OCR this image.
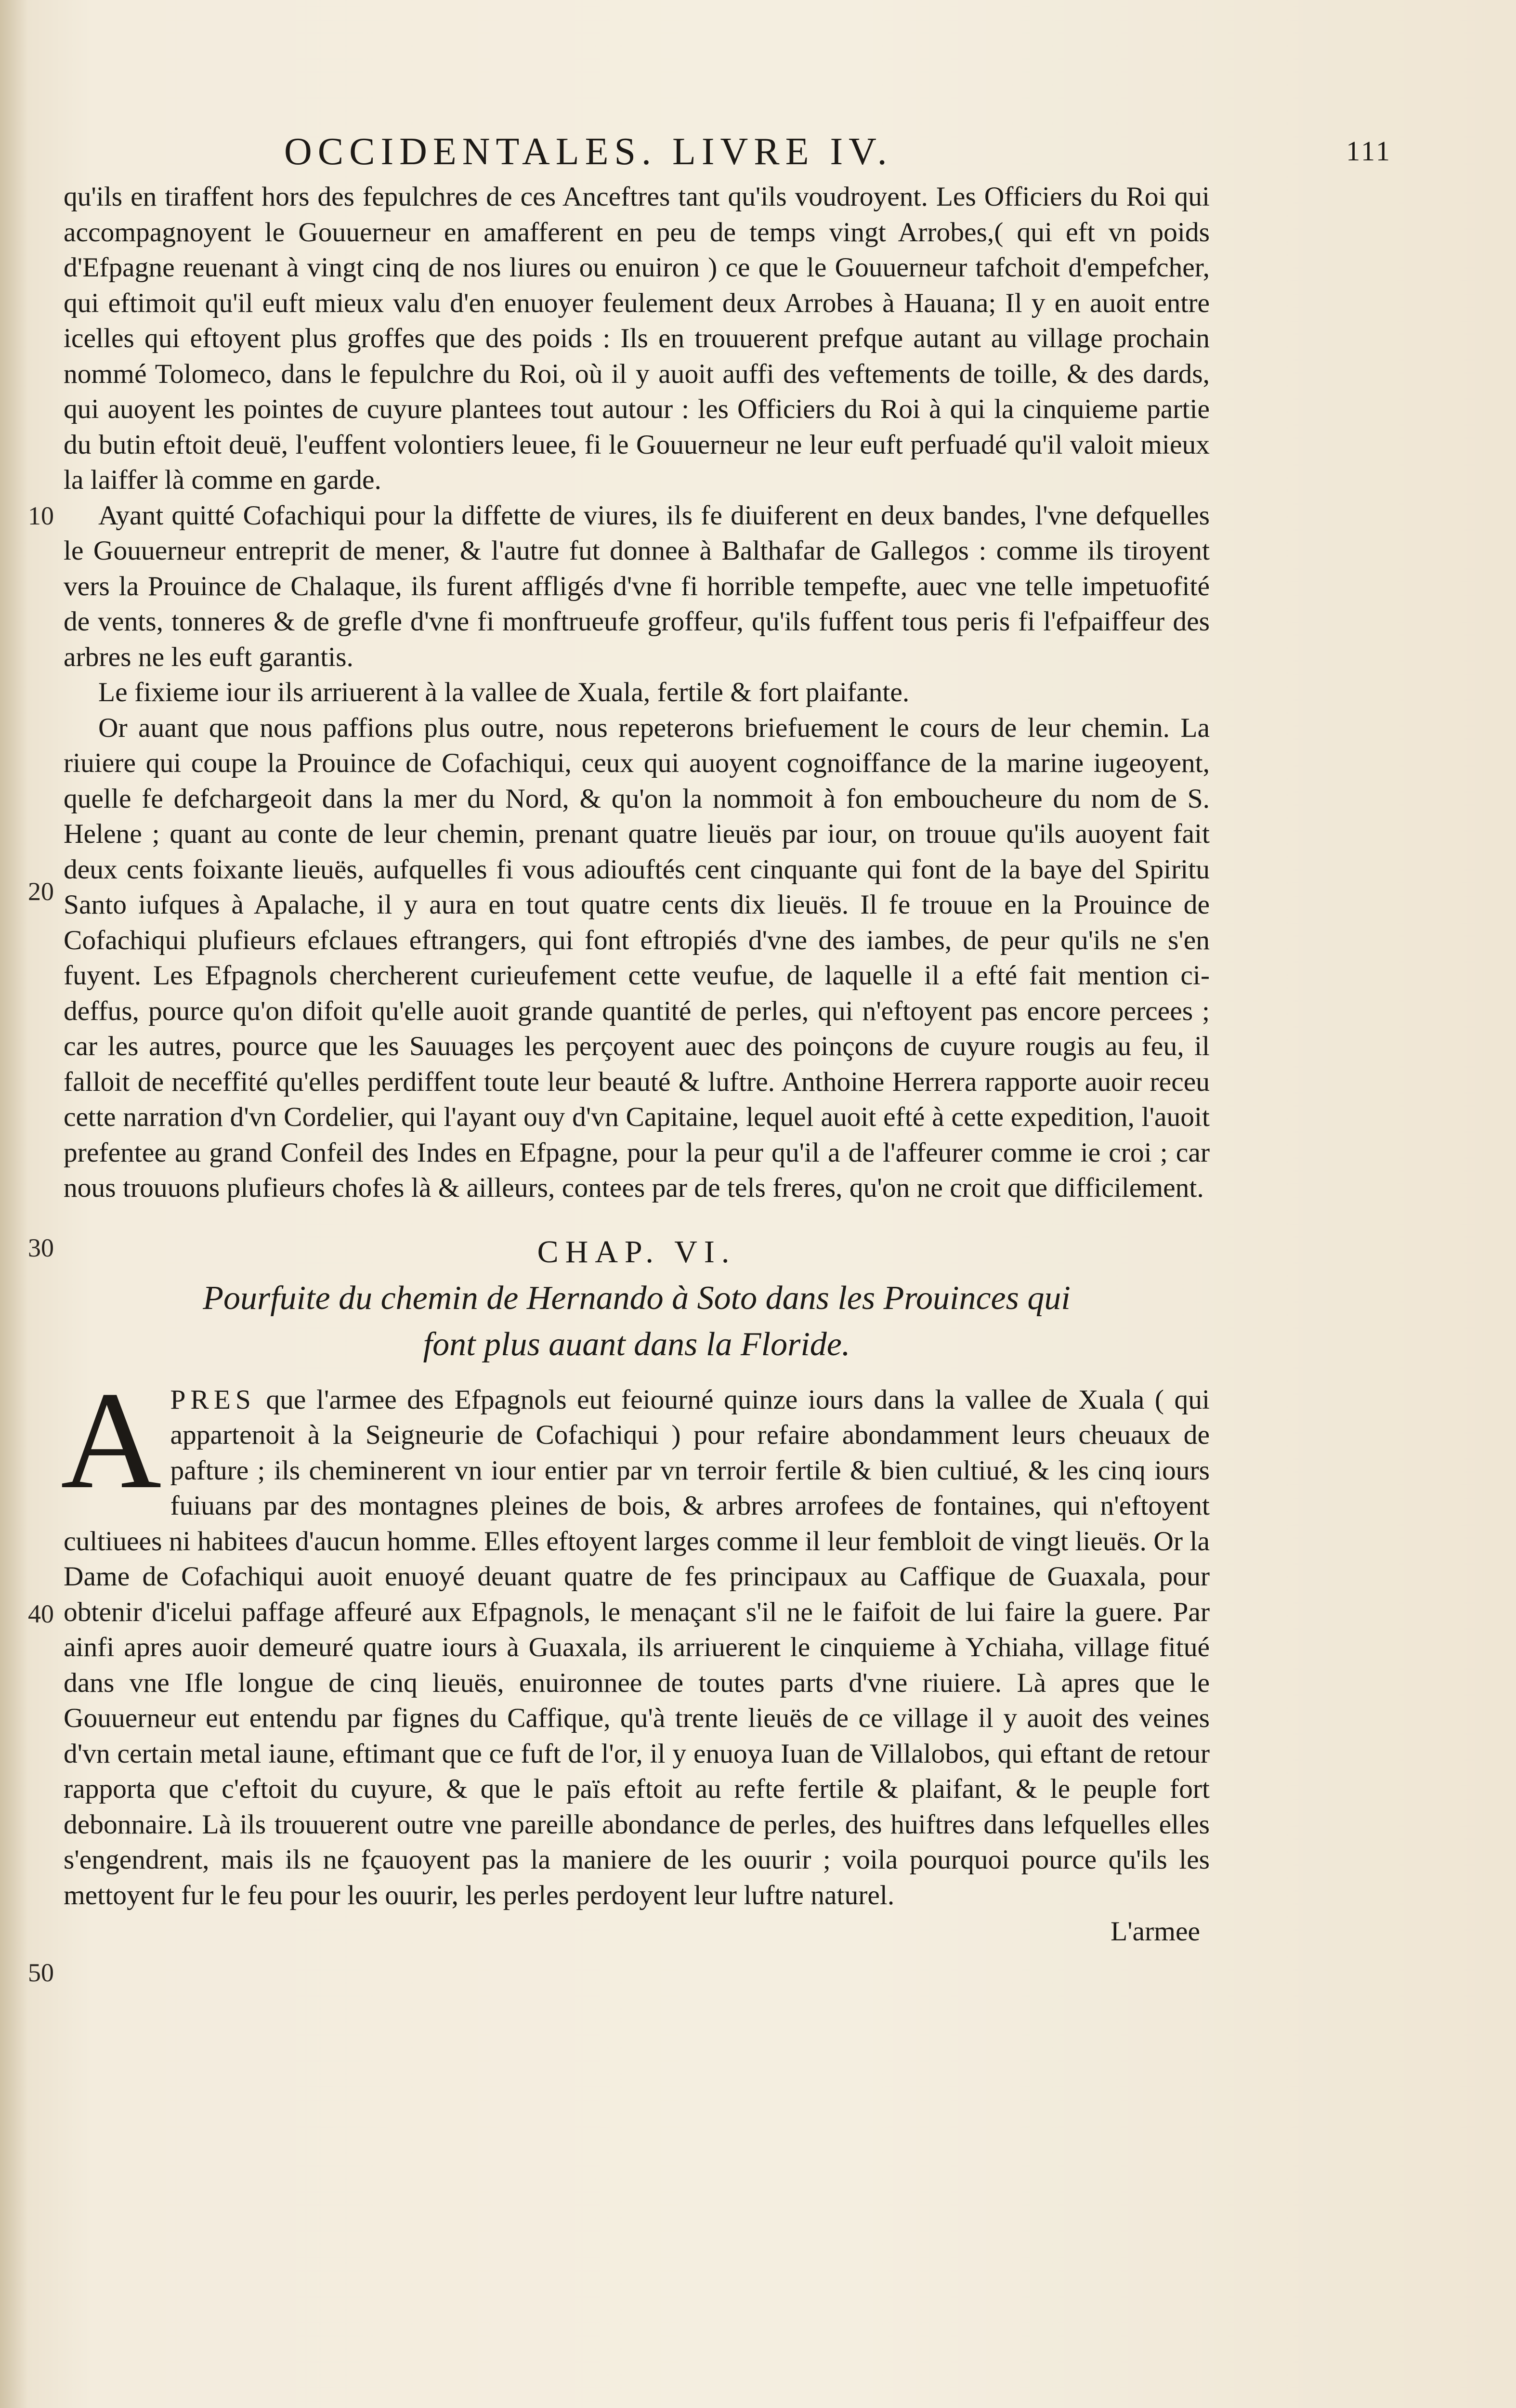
OCCIDENTALES. LIVRE IV.	111
10
20
30
40
50

qu'ils en tiraffent hors des fepulchres de ces Anceftres tant qu'ils voudroyent. Les Officiers du Roi qui accompagnoyent le Gouuerneur en amafferent en peu de temps vingt Arrobes,( qui eft vn poids d'Efpagne reuenant à vingt cinq de nos liures ou enuiron ) ce que le Gouuerneur tafchoit d'empefcher, qui eftimoit qu'il euft mieux valu d'en enuoyer feulement deux Arrobes à Hauana; Il y en auoit entre icelles qui eftoyent plus groffes que des poids : Ils en trouuerent prefque autant au village prochain nommé Tolomeco, dans le fepulchre du Roi, où il y auoit auffi des veftements de toille, & des dards, qui auoyent les pointes de cuyure plantees tout autour : les Officiers du Roi à qui la cinquieme partie du butin eftoit deuë, l'euffent volontiers leuee, fi le Gouuerneur ne leur euft perfuadé qu'il valoit mieux la laiffer là comme en garde.

Ayant quitté Cofachiqui pour la diffette de viures, ils fe diuiferent en deux bandes, l'vne defquelles le Gouuerneur entreprit de mener, & l'autre fut donnee à Balthafar de Gallegos : comme ils tiroyent vers la Prouince de Chalaque, ils furent affligés d'vne fi horrible tempefte, auec vne telle impetuofité de vents, tonneres & de grefle d'vne fi monftrueufe groffeur, qu'ils fuffent tous peris fi l'efpaiffeur des arbres ne les euft garantis.

Le fixieme iour ils arriuerent à la vallee de Xuala, fertile & fort plaifante.

Or auant que nous paffions plus outre, nous repeterons briefuement le cours de leur chemin. La riuiere qui coupe la Prouince de Cofachiqui, ceux qui auoyent cognoiffance de la marine iugeoyent, quelle fe defchargeoit dans la mer du Nord, & qu'on la nommoit à fon emboucheure du nom de S. Helene ; quant au conte de leur chemin, prenant quatre lieuës par iour, on trouue qu'ils auoyent fait deux cents foixante lieuës, aufquelles fi vous adiouftés cent cinquante qui font de la baye del Spiritu Santo iufques à Apalache, il y aura en tout quatre cents dix lieuës. Il fe trouue en la Prouince de Cofachiqui plufieurs efclaues eftrangers, qui font eftropiés d'vne des iambes, de peur qu'ils ne s'en fuyent. Les Efpagnols chercherent curieufement cette veufue, de laquelle il a efté fait mention ci-deffus, pource qu'on difoit qu'elle auoit grande quantité de perles, qui n'eftoyent pas encore percees ; car les autres, pource que les Sauuages les perçoyent auec des poinçons de cuyure rougis au feu, il falloit de neceffité qu'elles perdiffent toute leur beauté & luftre. Anthoine Herrera rapporte auoir receu cette narration d'vn Cordelier, qui l'ayant ouy d'vn Capitaine, lequel auoit efté à cette expedition, l'auoit prefentee au grand Confeil des Indes en Efpagne, pour la peur qu'il a de l'affeurer comme ie croi ; car nous trouuons plufieurs chofes là & ailleurs, contees par de tels freres, qu'on ne croit que difficilement.

CHAP. VI.
Pourfuite du chemin de Hernando à Soto dans les Prouinces qui
font plus auant dans la Floride.

APRES que l'armee des Efpagnols eut feiourné quinze iours dans la vallee de Xuala ( qui appartenoit à la Seigneurie de Cofachiqui ) pour refaire abondamment leurs cheuaux de pafture ; ils cheminerent vn iour entier par vn terroir fertile & bien cultiué, & les cinq iours fuiuans par des montagnes pleines de bois, & arbres arrofees de fontaines, qui n'eftoyent cultiuees ni habitees d'aucun homme. Elles eftoyent larges comme il leur fembloit de vingt lieuës. Or la Dame de Cofachiqui auoit enuoyé deuant quatre de fes principaux au Caffique de Guaxala, pour obtenir d'icelui paffage affeuré aux Efpagnols, le menaçant s'il ne le faifoit de lui faire la guere. Par ainfi apres auoir demeuré quatre iours à Guaxala, ils arriuerent le cinquieme à Ychiaha, village fitué dans vne Ifle longue de cinq lieuës, enuironnee de toutes parts d'vne riuiere. Là apres que le Gouuerneur eut entendu par fignes du Caffique, qu'à trente lieuës de ce village il y auoit des veines d'vn certain metal iaune, eftimant que ce fuft de l'or, il y enuoya Iuan de Villalobos, qui eftant de retour rapporta que c'eftoit du cuyure, & que le païs eftoit au refte fertile & plaifant, & le peuple fort debonnaire. Là ils trouuerent outre vne pareille abondance de perles, des huiftres dans lefquelles elles s'engendrent, mais ils ne fçauoyent pas la maniere de les ouurir ; voila pourquoi pource qu'ils les mettoyent fur le feu pour les ouurir, les perles perdoyent leur luftre naturel.

L'armee
